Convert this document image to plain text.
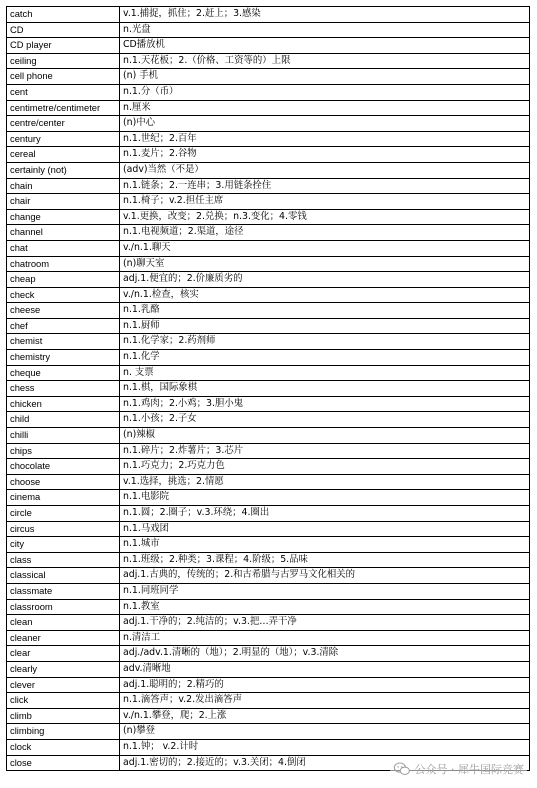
catch	v.1.捕捉，抓住；2.赶上；3.感染
CD	n.光盘
CD player	CD播放机
ceiling	n.1.天花板；2.（价格、工资等的）上限
cell phone	(n) 手机
cent	n.1.分（币）
centimetre/centimeter	n.厘米
centre/center	(n)中心
century	n.1.世纪；2.百年
cereal	n.1.麦片；2.谷物
certainly (not)	(adv)当然（不是）
chain	n.1.链条；2.一连串；3.用链条拴住
chair	n.1.椅子；v.2.担任主席
change	v.1.更换，改变；2.兑换；n.3.变化；4.零钱
channel	n.1.电视频道；2.渠道，途径
chat	v./n.1.聊天
chatroom	(n)聊天室
cheap	adj.1.便宜的；2.价廉质劣的
check	v./n.1.检查，核实
cheese	n.1.乳酪
chef	n.1.厨师
chemist	n.1.化学家；2.药剂师
chemistry	n.1.化学
cheque	n. 支票
chess	n.1.棋，国际象棋
chicken	n.1.鸡肉；2.小鸡；3.胆小鬼
child	n.1.小孩；2.子女
chilli	(n)辣椒
chips	n.1.碎片；2.炸薯片；3.芯片
chocolate	n.1.巧克力；2.巧克力色
choose	v.1.选择，挑选；2.情愿
cinema	n.1.电影院
circle	n.1.圆；2.圈子；v.3.环绕；4.圈出
circus	n.1.马戏团
city	n.1.城市
class	n.1.班级；2.种类；3.课程；4.阶级；5.品味
classical	adj.1.古典的，传统的；2.和古希腊与古罗马文化相关的
classmate	n.1.同班同学
classroom	n.1.教室
clean	adj.1.干净的；2.纯洁的；v.3.把…弄干净
cleaner	n.清洁工
clear	adj./adv.1.清晰的（地）；2.明显的（地）；v.3.清除
clearly	adv.清晰地
clever	adj.1.聪明的；2.精巧的
click	n.1.滴答声；v.2.发出滴答声
climb	v./n.1.攀登，爬；2.上涨
climbing	(n)攀登
clock	n.1.钟； v.2.计时
close	adj.1.密切的；2.接近的；v.3.关闭；4.倒闭
公众号 · 犀牛国际竞赛
